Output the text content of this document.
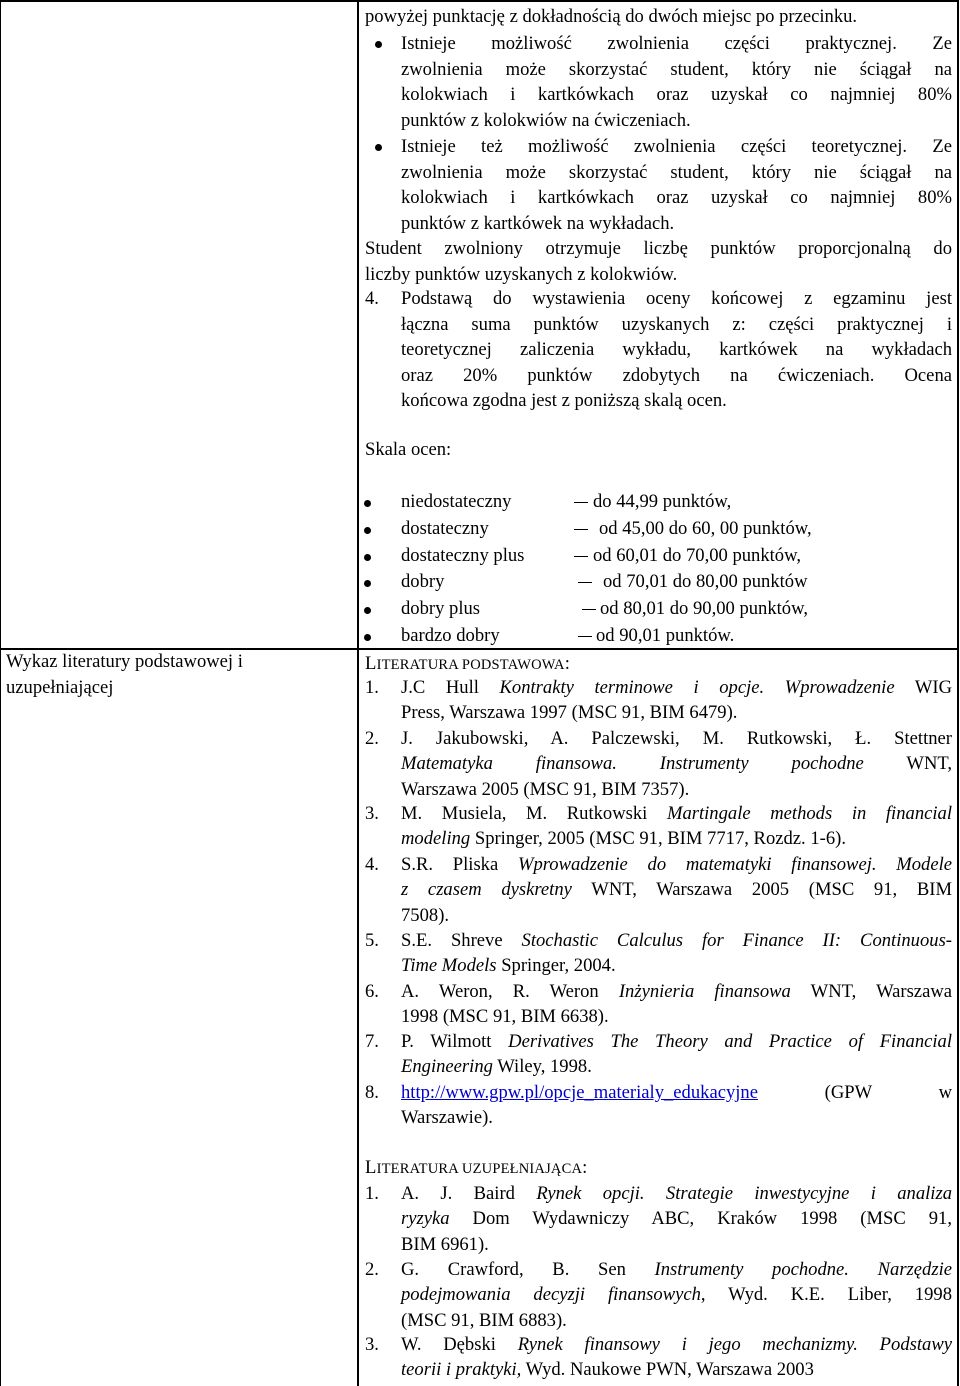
powyżej punktację z dokładnością do dwóch miejsc po przecinku.
Istnieje możliwość zwolnienia części praktycznej. Ze
zwolnienia może skorzystać student, który nie ściągał na
kolokwiach i kartkówkach oraz uzyskał co najmniej 80%
punktów z kolokwiów na ćwiczeniach.
Istnieje też możliwość zwolnienia części teoretycznej. Ze
zwolnienia może skorzystać student, który nie ściągał na
kolokwiach i kartkówkach oraz uzyskał co najmniej 80%
punktów z kartkówek na wykładach.
Student zwolniony otrzymuje liczbę punktów proporcjonalną do
liczby punktów uzyskanych z kolokwiów.
4. Podstawą do wystawienia oceny końcowej z egzaminu jest
łączna suma punktów uzyskanych z: części praktycznej i
teoretycznej zaliczenia wykładu, kartkówek na wykładach
oraz 20% punktów zdobytych na ćwiczeniach. Ocena
końcowa zgodna jest z poniższą skalą ocen.
Skala ocen:
niedostateczny	do 44,99 punktów,
dostateczny	od 45,00 do 60, 00 punktów,
dostateczny plus	od 60,01 do 70,00 punktów,
dobry	od 70,01 do 80,00 punktów
dobry plus	od 80,01 do 90,00 punktów,
bardzo dobry	od 90,01 punktów.
Wykaz literatury podstawowej i
uzupełniającej
LITERATURA PODSTAWOWA:
1. J.C Hull Kontrakty terminowe i opcje. Wprowadzenie WIG
Press, Warszawa 1997 (MSC 91, BIM 6479).
2. J. Jakubowski, A. Palczewski, M. Rutkowski, Ł. Stettner
Matematyka finansowa. Instrumenty pochodne WNT,
Warszawa 2005 (MSC 91, BIM 7357).
3. M. Musiela, M. Rutkowski Martingale methods in financial
modeling Springer, 2005 (MSC 91, BIM 7717, Rozdz. 1-6).
4. S.R. Pliska Wprowadzenie do matematyki finansowej. Modele
z czasem dyskretny WNT, Warszawa 2005 (MSC 91, BIM
7508).
5. S.E. Shreve Stochastic Calculus for Finance II: Continuous-
Time Models Springer, 2004.
6. A. Weron, R. Weron Inżynieria finansowa WNT, Warszawa
1998 (MSC 91, BIM 6638).
7. P. Wilmott Derivatives The Theory and Practice of Financial
Engineering Wiley, 1998.
8. http://www.gpw.pl/opcje_materialy_edukacyjne (GPW w
Warszawie).
LITERATURA UZUPEŁNIAJĄCA:
1. A. J. Baird Rynek opcji. Strategie inwestycyjne i analiza
ryzyka Dom Wydawniczy ABC, Kraków 1998 (MSC 91,
BIM 6961).
2. G. Crawford, B. Sen Instrumenty pochodne. Narzędzie
podejmowania decyzji finansowych, Wyd. K.E. Liber, 1998
(MSC 91, BIM 6883).
3. W. Dębski Rynek finansowy i jego mechanizmy. Podstawy
teorii i praktyki, Wyd. Naukowe PWN, Warszawa 2003
